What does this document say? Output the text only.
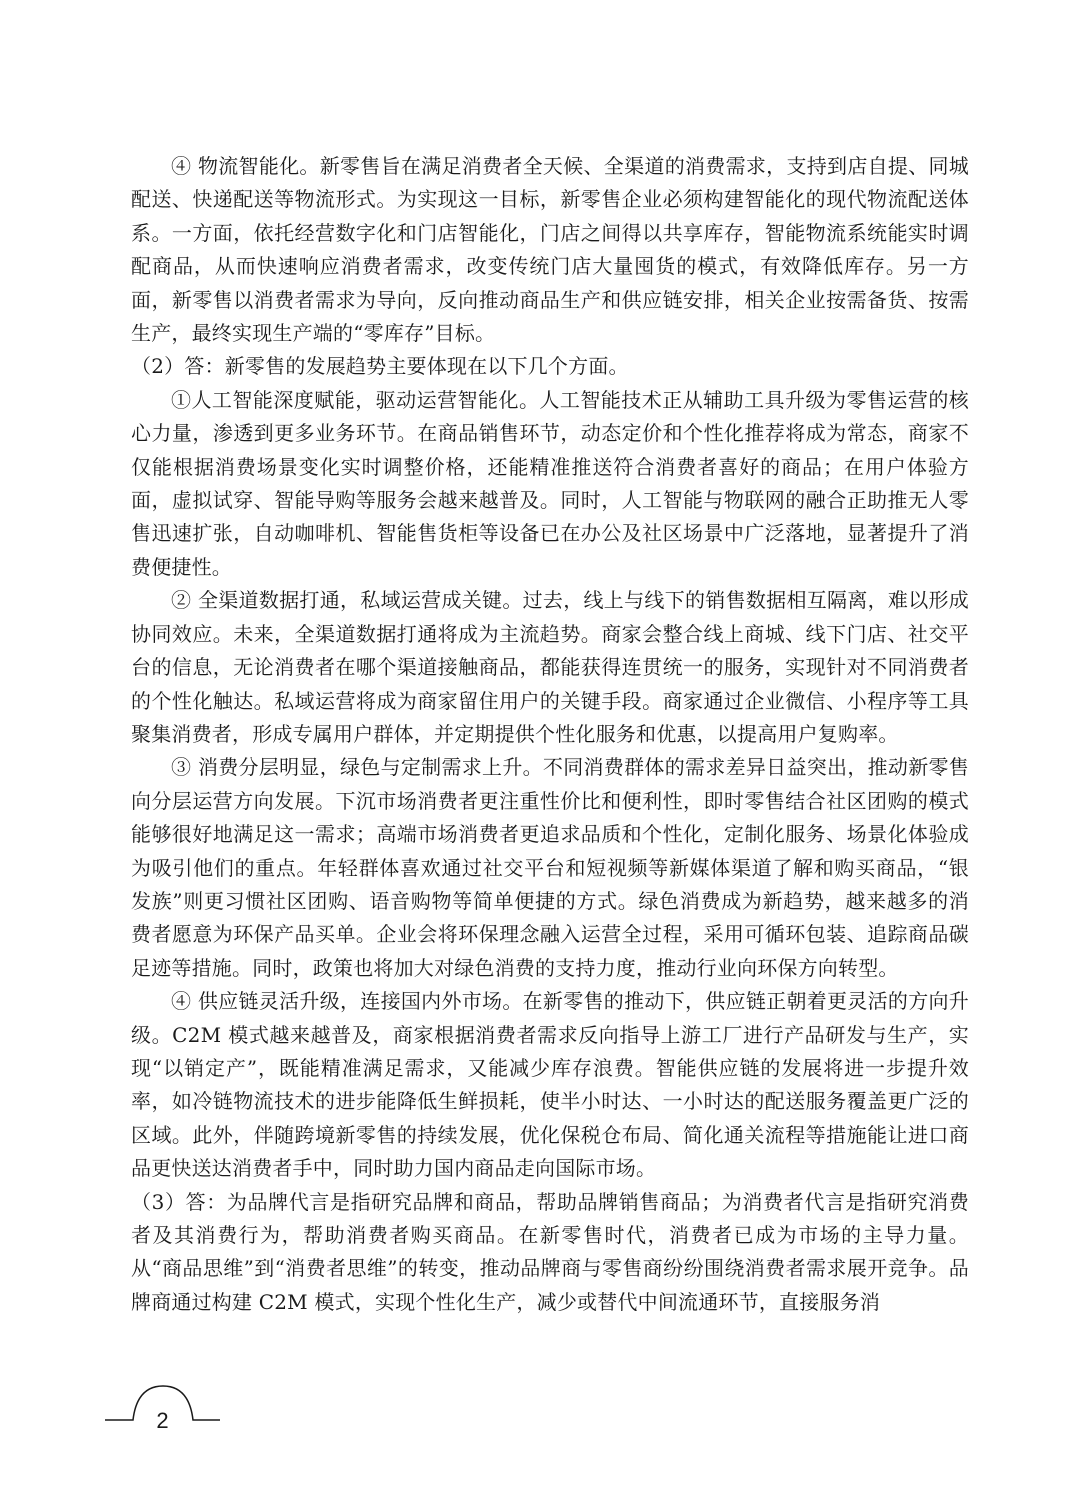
④ 物流智能化。新零售旨在满足消费者全天候、全渠道的消费需求，支持到店自提、同城配送、快递配送等物流形式。为实现这一目标，新零售企业必须构建智能化的现代物流配送体系。一方面，依托经营数字化和门店智能化，门店之间得以共享库存，智能物流系统能实时调配商品，从而快速响应消费者需求，改变传统门店大量囤货的模式，有效降低库存。另一方面，新零售以消费者需求为导向，反向推动商品生产和供应链安排，相关企业按需备货、按需生产，最终实现生产端的“零库存”目标。

（2）答：新零售的发展趋势主要体现在以下几个方面。

①人工智能深度赋能，驱动运营智能化。人工智能技术正从辅助工具升级为零售运营的核心力量，渗透到更多业务环节。在商品销售环节，动态定价和个性化推荐将成为常态，商家不仅能根据消费场景变化实时调整价格，还能精准推送符合消费者喜好的商品；在用户体验方面，虚拟试穿、智能导购等服务会越来越普及。同时，人工智能与物联网的融合正助推无人零售迅速扩张，自动咖啡机、智能售货柜等设备已在办公及社区场景中广泛落地，显著提升了消费便捷性。

② 全渠道数据打通，私域运营成关键。过去，线上与线下的销售数据相互隔离，难以形成协同效应。未来，全渠道数据打通将成为主流趋势。商家会整合线上商城、线下门店、社交平台的信息，无论消费者在哪个渠道接触商品，都能获得连贯统一的服务，实现针对不同消费者的个性化触达。私域运营将成为商家留住用户的关键手段。商家通过企业微信、小程序等工具聚集消费者，形成专属用户群体，并定期提供个性化服务和优惠，以提高用户复购率。

③ 消费分层明显，绿色与定制需求上升。不同消费群体的需求差异日益突出，推动新零售向分层运营方向发展。下沉市场消费者更注重性价比和便利性，即时零售结合社区团购的模式能够很好地满足这一需求；高端市场消费者更追求品质和个性化，定制化服务、场景化体验成为吸引他们的重点。年轻群体喜欢通过社交平台和短视频等新媒体渠道了解和购买商品，“银发族”则更习惯社区团购、语音购物等简单便捷的方式。绿色消费成为新趋势，越来越多的消费者愿意为环保产品买单。企业会将环保理念融入运营全过程，采用可循环包装、追踪商品碳足迹等措施。同时，政策也将加大对绿色消费的支持力度，推动行业向环保方向转型。

④ 供应链灵活升级，连接国内外市场。在新零售的推动下，供应链正朝着更灵活的方向升级。C2M 模式越来越普及，商家根据消费者需求反向指导上游工厂进行产品研发与生产，实现“以销定产”，既能精准满足需求，又能减少库存浪费。智能供应链的发展将进一步提升效率，如冷链物流技术的进步能降低生鲜损耗，使半小时达、一小时达的配送服务覆盖更广泛的区域。此外，伴随跨境新零售的持续发展，优化保税仓布局、简化通关流程等措施能让进口商品更快送达消费者手中，同时助力国内商品走向国际市场。

（3）答：为品牌代言是指研究品牌和商品，帮助品牌销售商品；为消费者代言是指研究消费者及其消费行为，帮助消费者购买商品。在新零售时代，消费者已成为市场的主导力量。从“商品思维”到“消费者思维”的转变，推动品牌商与零售商纷纷围绕消费者需求展开竞争。品牌商通过构建 C2M 模式，实现个性化生产，减少或替代中间流通环节，直接服务消

2
